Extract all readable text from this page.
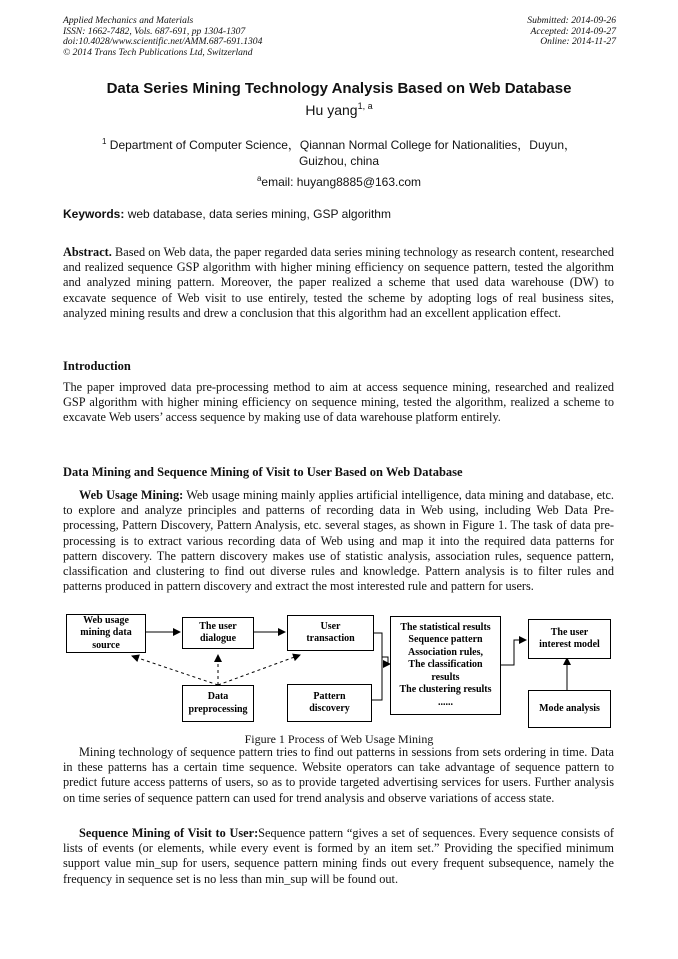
Applied Mechanics and Materials
ISSN: 1662-7482, Vols. 687-691, pp 1304-1307
doi:10.4028/www.scientific.net/AMM.687-691.1304
© 2014 Trans Tech Publications Ltd, Switzerland
Submitted: 2014-09-26
Accepted: 2014-09-27
Online: 2014-11-27
Data Series Mining Technology Analysis Based on Web Database
Hu yang$^{1, a}$
$^1$ Department of Computer Science，Qiannan Normal College for Nationalities，Duyun，Guizhou, china
$^a$email: huyang8885@163.com
Keywords: web database, data series mining, GSP algorithm
Abstract. Based on Web data, the paper regarded data series mining technology as research content, researched and realized sequence GSP algorithm with higher mining efficiency on sequence pattern, tested the algorithm and analyzed mining pattern. Moreover, the paper realized a scheme that used data warehouse (DW) to excavate sequence of Web visit to use entirely, tested the scheme by adopting logs of real business sites, analyzed mining results and drew a conclusion that this algorithm had an excellent application effect.
Introduction
The paper improved data pre-processing method to aim at access sequence mining, researched and realized GSP algorithm with higher mining efficiency on sequence mining, tested the algorithm, realized a scheme to excavate Web users’ access sequence by making use of data warehouse platform entirely.
Data Mining and Sequence Mining of Visit to User Based on Web Database
Web Usage Mining: Web usage mining mainly applies artificial intelligence, data mining and database, etc. to explore and analyze principles and patterns of recording data in Web using, including Web Data Pre-processing, Pattern Discovery, Pattern Analysis, etc. several stages, as shown in Figure 1. The task of data pre-processing is to extract various recording data of Web using and map it into the required data patterns for pattern discovery. The pattern discovery makes use of statistic analysis, association rules, sequence pattern, classification and clustering to find out diverse rules and knowledge. Pattern analysis is to filter rules and patterns produced in pattern discovery and extract the most interested rule and pattern for users.
Web usage
mining data
source
The user
dialogue
User
transaction
Data
preprocessing
Pattern
discovery
The statistical results
Sequence pattern
Association rules,
The classification
results
The clustering results
......
The user
interest model
Mode analysis
Figure 1 Process of Web Usage Mining
Mining technology of sequence pattern tries to find out patterns in sessions from sets ordering in time. Data in these patterns has a certain time sequence. Website operators can take advantage of sequence pattern to predict future access patterns of users, so as to provide targeted advertising services for users. Further analysis on time series of sequence pattern can used for trend analysis and observe variations of access state.
Sequence Mining of Visit to User:Sequence pattern “gives a set of sequences. Every sequence consists of lists of events (or elements, while every event is formed by an item set.” Providing the specified minimum support value min_sup for users, sequence pattern mining finds out every frequent subsequence, namely the frequency in sequence set is no less than min_sup will be found out.
